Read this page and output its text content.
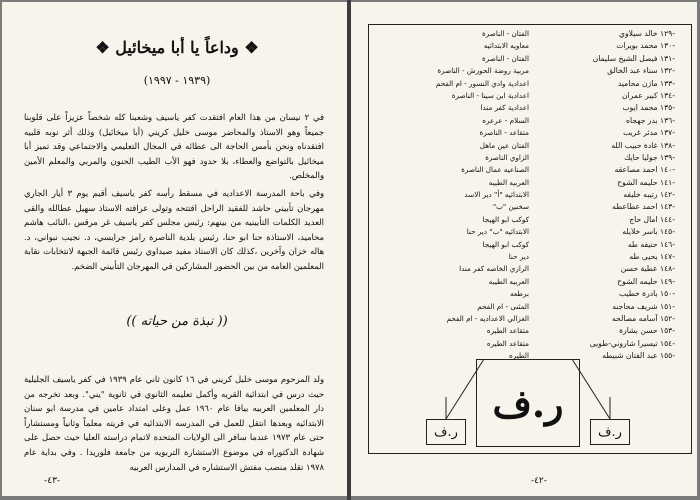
❖ وداعاً يا أبا ميخائيل ❖
(١٩٣٩ - ١٩٩٧)
في ٢ نيسان من هذا العام افتقدت كفر ياسيف وشعبنا كله شخصاً عزيزاً على قلوبنا جميعاً وهو الاستاذ والمحاضر موسى خليل كريني (أبا ميخائيل) وذلك أثر نوبه قلبيه افتقدناه ونحن بأمس الحاجة الى عطائه في المجال التعليمي والاجتماعي وقد تميز أبا ميخائيل بالتواضع والعطاء، بلا حدود فهو الأب الطيب الحنون والمربي والمعلم الأمين والمخلص.
وفي باحة المدرسة الاعداديه في مسقط رأسه كفر ياسيف أقيم يوم ٣ أيار الجاري مهرجان تأبيني حاشد للفقيد الراحل افتتحه وتولى عرافته الاستاذ سهيل عطالله والقى العديد الكلمات التأبينيه من بينهم: رئيس مجلس كفر ياسيف غر مرقس ،النائب هاشم محاميد، الاستاذة حنا ابو حنا، رئيس بلدية الناصرة رامز جرايسي، د. نجيب نبواني، د. هاله خزان وآخرين ،كذلك كان الاستاذ مفيد صيداوي رئيس قائمة الجبهة لانتخابات نقابة المعلمين العامه من بين الحضور المشاركين في المهرجان التأبيني الضخم.
(( نبذة من حياته ))
ولد المرحوم موسى خليل كريني في ١٦ كانون ثاني عام ١٩٣٩ في كفر ياسيف الجليلية حيث درس في ابتدائية القريه وأكمل تعليمه الثانوي في ثانوية "يني". وبعد تخرجه من دار المعلمين العربيه بيافا عام ١٩٦٠ عمل وعلى امتداد عامين في مدرسة ابو سنان الابتدائيه وبعدها انتقل للعمل في المدرسه الابتدائيه في قريته معلماً وثانياً ومستشاراً حتى عام ١٩٧٣ عندما سافر الى الولايات المتحدة لاتمام دراسته العليا حيث حصل على شهادة الدكتوراه في موضوع الاستشارة التربويه من جامعة فلوريدا . وفي بداية عام ١٩٧٨ تقلد منصب مفتش الاستشاره في المدارس العربيه
-٤٣-
١٢٩- خالد سيلاوي
١٣٠- محمد بويرات
١٣١- فيصل الشيخ سليمان
١٣٢- سناء عبد الخالق
١٣٣- مازن محاميد
١٣٤- كبير عمران
١٣٥- محمد ايوب
١٣٦- بدر جهجاه
١٣٧- مدثر غريب
١٣٨- غادة حبيب الله
١٣٩- جوليا حايك
١٤٠- احمد مصاعقه
١٤١- حليمه الشوح
١٤٢- رتيبه خليفه
١٤٣- احمد عطاعطه
١٤٤- امال حاج
١٤٥- باسر خلايله
١٤٦- حنيفه طه
١٤٧- يحيى طه
١٤٨- عطية حسن
١٤٩- حليمه الشوح
١٥٠- بادرة خطيب
١٥١- شريف محاجنه
١٥٢- آسامه مصالحه
١٥٣- حسن بشارة
١٥٤- تيسيرا شاروني-طويى
١٥٥- عبد الفتان شبيطه
الفتان - الناصرة
معاويه الابتدائيه
الفتان - الناصرة
مربية روضة الحورش - الناصرة
اعدادية وادي النسور - ام الفحم
اعدادية ابن سينا - الناصرة
اعدادية كفر مندا
السلام - عرعره
متقاعد - الناصرة
الفتان عين ماهل
الزاوي الناصرة
الصناعيه عمال الناصرة
العربيه الطيبه
الابتدائيه "أ" دير الاسد
سخنين "ب"
كوكب ابو الهيجا
الابتدائيه "ب" دير حنا
كوكب ابو الهيجا
دير حنا
الرازي الخاصه كفر مندا
العربيه الطيبه
برطعه
المثنى - ام الفحم
الغزالي الاعداديه - ام الفحم
متقاعد الطيره
متقاعد الطيره
الطيره
ر.ف
ر.ف	ر.ف
-٤٢-
